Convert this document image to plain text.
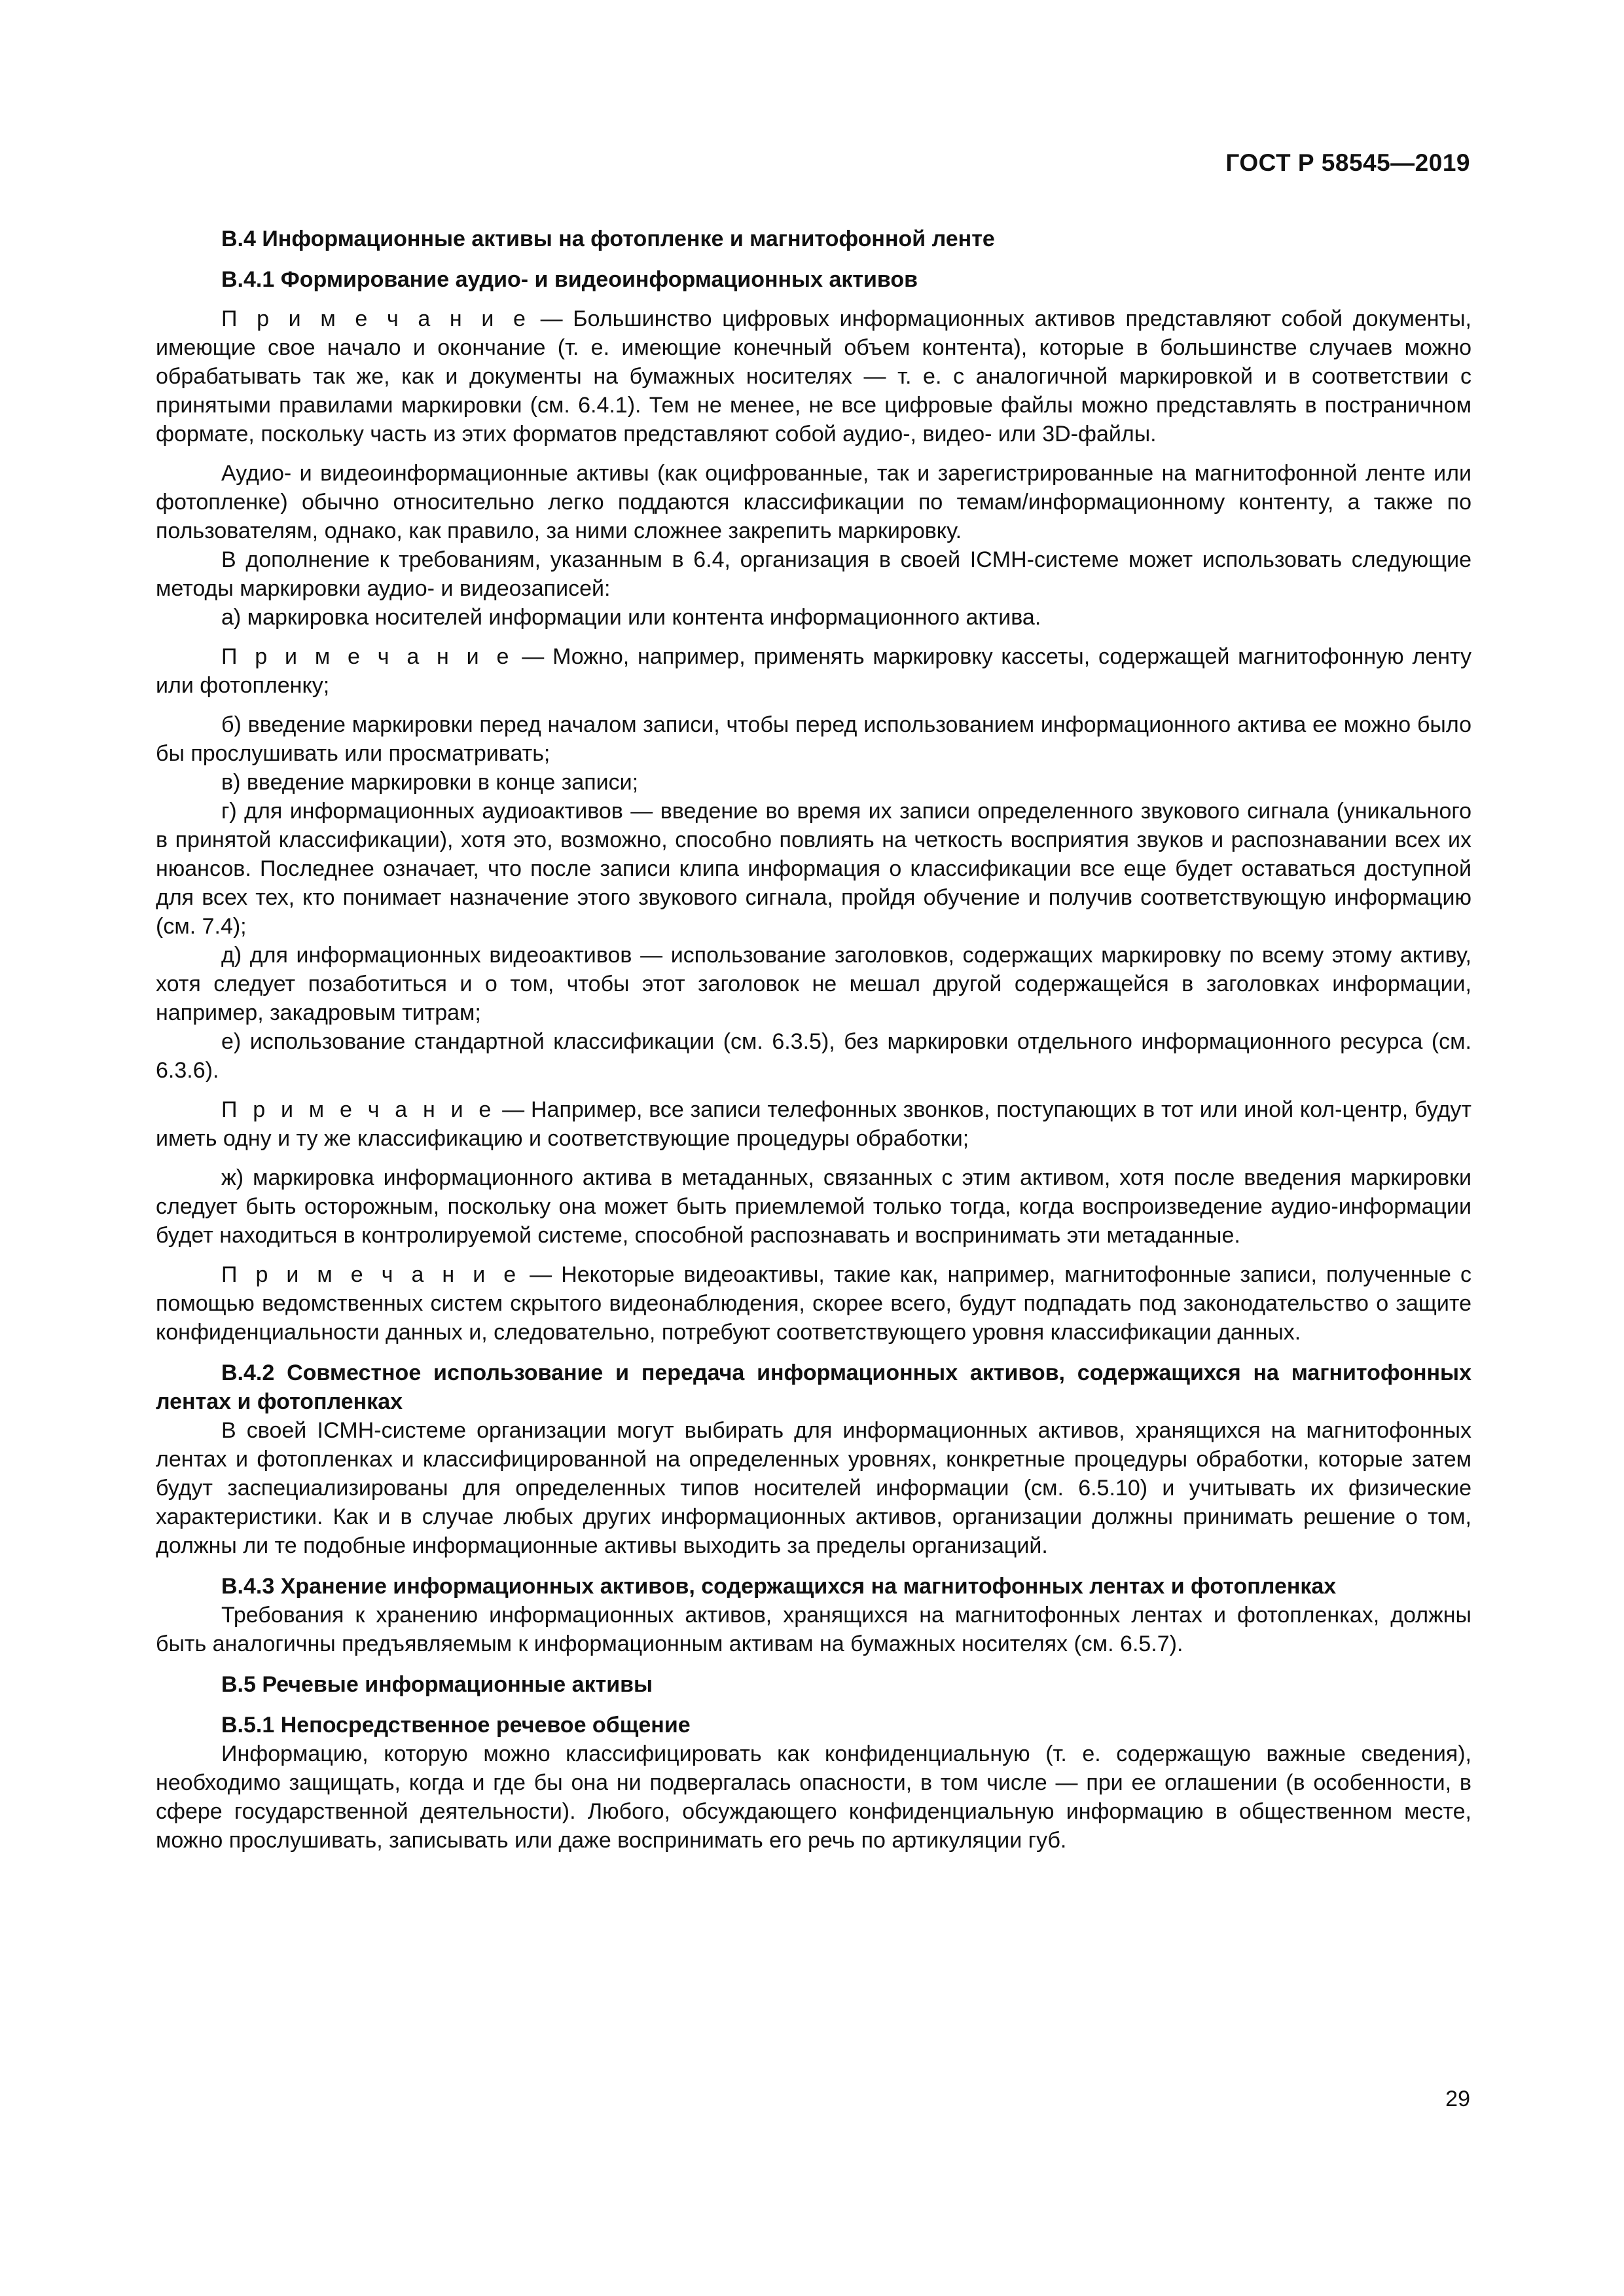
ГОСТ Р 58545—2019

В.4 Информационные активы на фотопленке и магнитофонной ленте

В.4.1 Формирование аудио- и видеоинформационных активов

П р и м е ч а н и е — Большинство цифровых информационных активов представляют собой документы, имеющие свое начало и окончание (т. е. имеющие конечный объем контента), которые в большинстве случаев можно обрабатывать так же, как и документы на бумажных носителях — т. е. с аналогичной маркировкой и в соответствии с принятыми правилами маркировки (см. 6.4.1). Тем не менее, не все цифровые файлы можно представлять в постраничном формате, поскольку часть из этих форматов представляют собой аудио-, видео- или 3D-файлы.

Аудио- и видеоинформационные активы (как оцифрованные, так и зарегистрированные на магнитофонной ленте или фотопленке) обычно относительно легко поддаются классификации по темам/информационному контенту, а также по пользователям, однако, как правило, за ними сложнее закрепить маркировку.

В дополнение к требованиям, указанным в 6.4, организация в своей ICMH-системе может использовать следующие методы маркировки аудио- и видеозаписей:

а) маркировка носителей информации или контента информационного актива.

П р и м е ч а н и е — Можно, например, применять маркировку кассеты, содержащей магнитофонную ленту или фотопленку;

б) введение маркировки перед началом записи, чтобы перед использованием информационного актива ее можно было бы прослушивать или просматривать;

в) введение маркировки в конце записи;

г) для информационных аудиоактивов — введение во время их записи определенного звукового сигнала (уникального в принятой классификации), хотя это, возможно, способно повлиять на четкость восприятия звуков и распознавании всех их нюансов. Последнее означает, что после записи клипа информация о классификации все еще будет оставаться доступной для всех тех, кто понимает назначение этого звукового сигнала, пройдя обучение и получив соответствующую информацию (см. 7.4);

д) для информационных видеоактивов — использование заголовков, содержащих маркировку по всему этому активу, хотя следует позаботиться и о том, чтобы этот заголовок не мешал другой содержащейся в заголовках информации, например, закадровым титрам;

е) использование стандартной классификации (см. 6.3.5), без маркировки отдельного информационного ресурса (см. 6.3.6).

П р и м е ч а н и е — Например, все записи телефонных звонков, поступающих в тот или иной кол-центр, будут иметь одну и ту же классификацию и соответствующие процедуры обработки;

ж) маркировка информационного актива в метаданных, связанных с этим активом, хотя после введения маркировки следует быть осторожным, поскольку она может быть приемлемой только тогда, когда воспроизведение аудио-информации будет находиться в контролируемой системе, способной распознавать и воспринимать эти метаданные.

П р и м е ч а н и е — Некоторые видеоактивы, такие как, например, магнитофонные записи, полученные с помощью ведомственных систем скрытого видеонаблюдения, скорее всего, будут подпадать под законодательство о защите конфиденциальности данных и, следовательно, потребуют соответствующего уровня классификации данных.

В.4.2 Совместное использование и передача информационных активов, содержащихся на магнитофонных лентах и фотопленках

В своей ICMH-системе организации могут выбирать для информационных активов, хранящихся на магнитофонных лентах и фотопленках и классифицированной на определенных уровнях, конкретные процедуры обработки, которые затем будут заспециализированы для определенных типов носителей информации (см. 6.5.10) и учитывать их физические характеристики. Как и в случае любых других информационных активов, организации должны принимать решение о том, должны ли те подобные информационные активы выходить за пределы организаций.

В.4.3 Хранение информационных активов, содержащихся на магнитофонных лентах и фотопленках

Требования к хранению информационных активов, хранящихся на магнитофонных лентах и фотопленках, должны быть аналогичны предъявляемым к информационным активам на бумажных носителях (см. 6.5.7).

В.5 Речевые информационные активы

В.5.1 Непосредственное речевое общение

Информацию, которую можно классифицировать как конфиденциальную (т. е. содержащую важные сведения), необходимо защищать, когда и где бы она ни подвергалась опасности, в том числе — при ее оглашении (в особенности, в сфере государственной деятельности). Любого, обсуждающего конфиденциальную информацию в общественном месте, можно прослушивать, записывать или даже воспринимать его речь по артикуляции губ.

29
